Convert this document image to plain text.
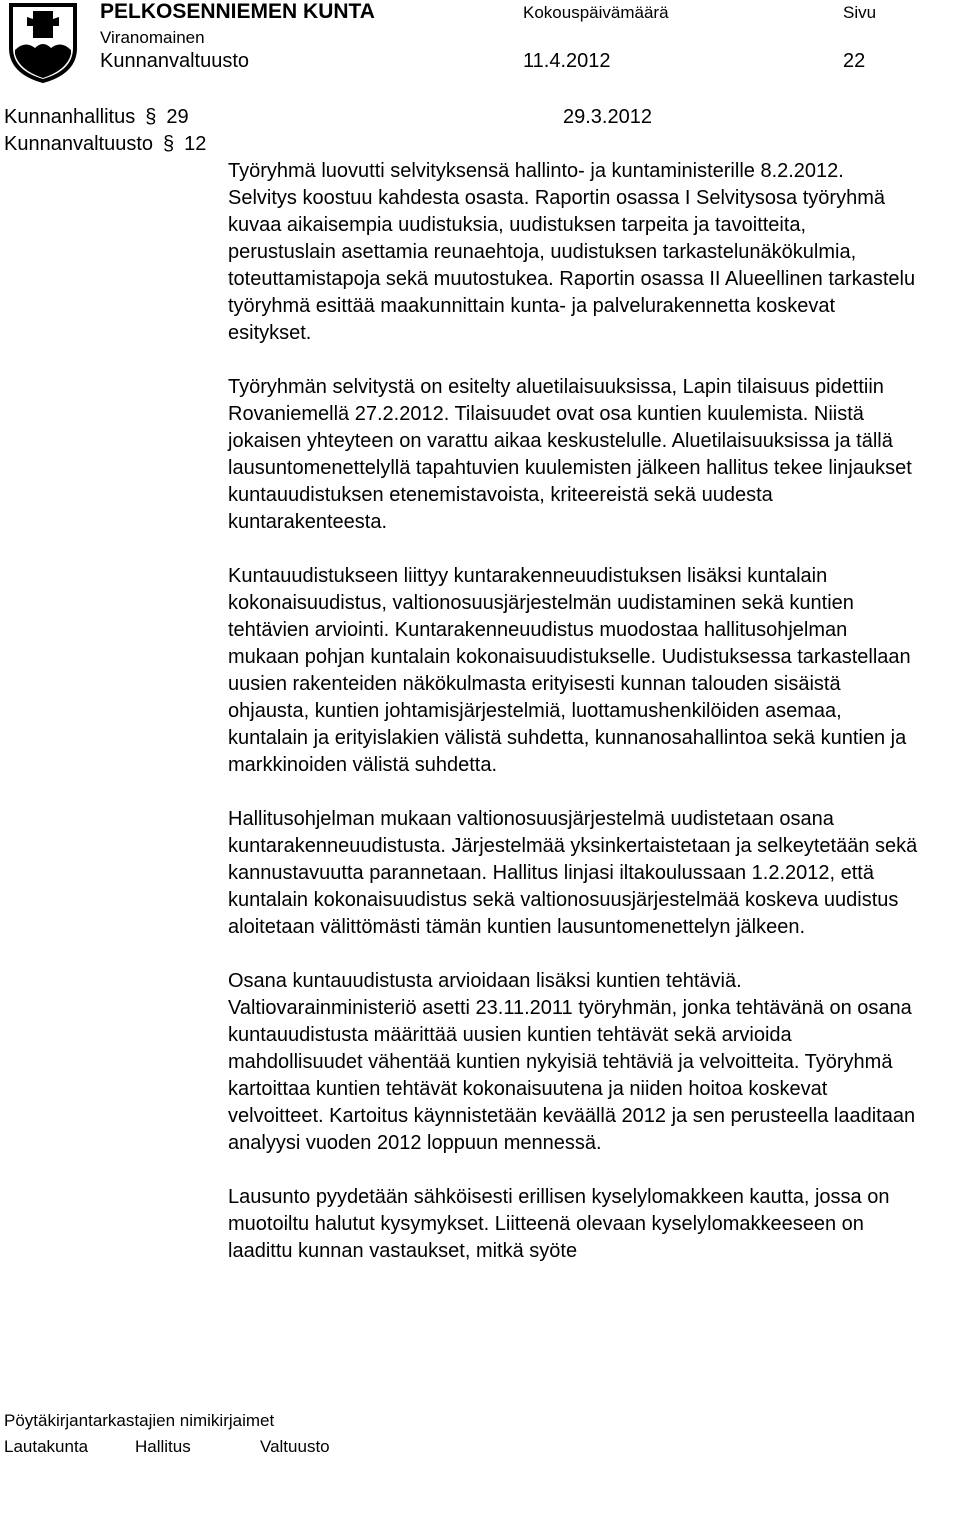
PELKOSENNIEMEN KUNTA
Viranomainen
Kunnanvaltuusto
Kokouspäivämäärä
11.4.2012
Sivu
22
Kunnanhallitus § 29	29.3.2012
Kunnanvaltuusto § 12

Työryhmä luovutti selvityksensä hallinto- ja kuntaministerille 8.2.2012. Selvitys koostuu kahdesta osasta. Raportin osassa I Selvitysosa työryhmä kuvaa aikaisempia uudistuksia, uudistuksen tarpeita ja tavoitteita, perustuslain asettamia reunaehtoja, uudistuksen tarkastelunäkökulmia, toteuttamistapoja sekä muutostukea. Raportin osassa II Alueellinen tarkastelu työryhmä esittää maakunnittain kunta- ja palvelurakennetta koskevat esitykset.

Työryhmän selvitystä on esitelty aluetilaisuuksissa, Lapin tilaisuus pidettiin Rovaniemellä 27.2.2012. Tilaisuudet ovat osa kuntien kuulemista. Niistä jokaisen yhteyteen on varattu aikaa keskustelulle. Aluetilaisuuksissa ja tällä lausuntomenettelyllä tapahtuvien kuulemisten jälkeen hallitus tekee linjaukset kuntauudistuksen etenemistavoista, kriteereistä sekä uudesta kuntarakenteesta.

Kuntauudistukseen liittyy kuntarakenneuudistuksen lisäksi kuntalain kokonaisuudistus, valtionosuusjärjestelmän uudistaminen sekä kuntien tehtävien arviointi. Kuntarakenneuudistus muodostaa hallitusohjelman mukaan pohjan kuntalain kokonaisuudistukselle. Uudistuksessa tarkastellaan uusien rakenteiden näkökulmasta erityisesti kunnan talouden sisäistä ohjausta, kuntien johtamisjärjestelmiä, luottamushenkilöiden asemaa, kuntalain ja erityislakien välistä suhdetta, kunnanosahallintoa sekä kuntien ja markkinoiden välistä suhdetta.

Hallitusohjelman mukaan valtionosuusjärjestelmä uudistetaan osana kuntarakenneuudistusta. Järjestelmää yksinkertaistetaan ja selkeytetään sekä kannustavuutta parannetaan. Hallitus linjasi iltakoulussaan 1.2.2012, että kuntalain kokonaisuudistus sekä valtionosuusjärjestelmää koskeva uudistus aloitetaan välittömästi tämän kuntien lausuntomenettelyn jälkeen.

Osana kuntauudistusta arvioidaan lisäksi kuntien tehtäviä. Valtiovarainministeriö asetti 23.11.2011 työryhmän, jonka tehtävänä on osana kuntauudistusta määrittää uusien kuntien tehtävät sekä arvioida mahdollisuudet vähentää kuntien nykyisiä tehtäviä ja velvoitteita. Työryhmä kartoittaa kuntien tehtävät kokonaisuutena ja niiden hoitoa koskevat velvoitteet. Kartoitus käynnistetään keväällä 2012 ja sen perusteella laaditaan analyysi vuoden 2012 loppuun mennessä.

Lausunto pyydetään sähköisesti erillisen kyselylomakkeen kautta, jossa on muotoiltu halutut kysymykset. Liitteenä olevaan kyselylomakkeeseen on laadittu kunnan vastaukset, mitkä syöte

Pöytäkirjantarkastajien nimikirjaimet
Lautakunta	Hallitus	Valtuusto
